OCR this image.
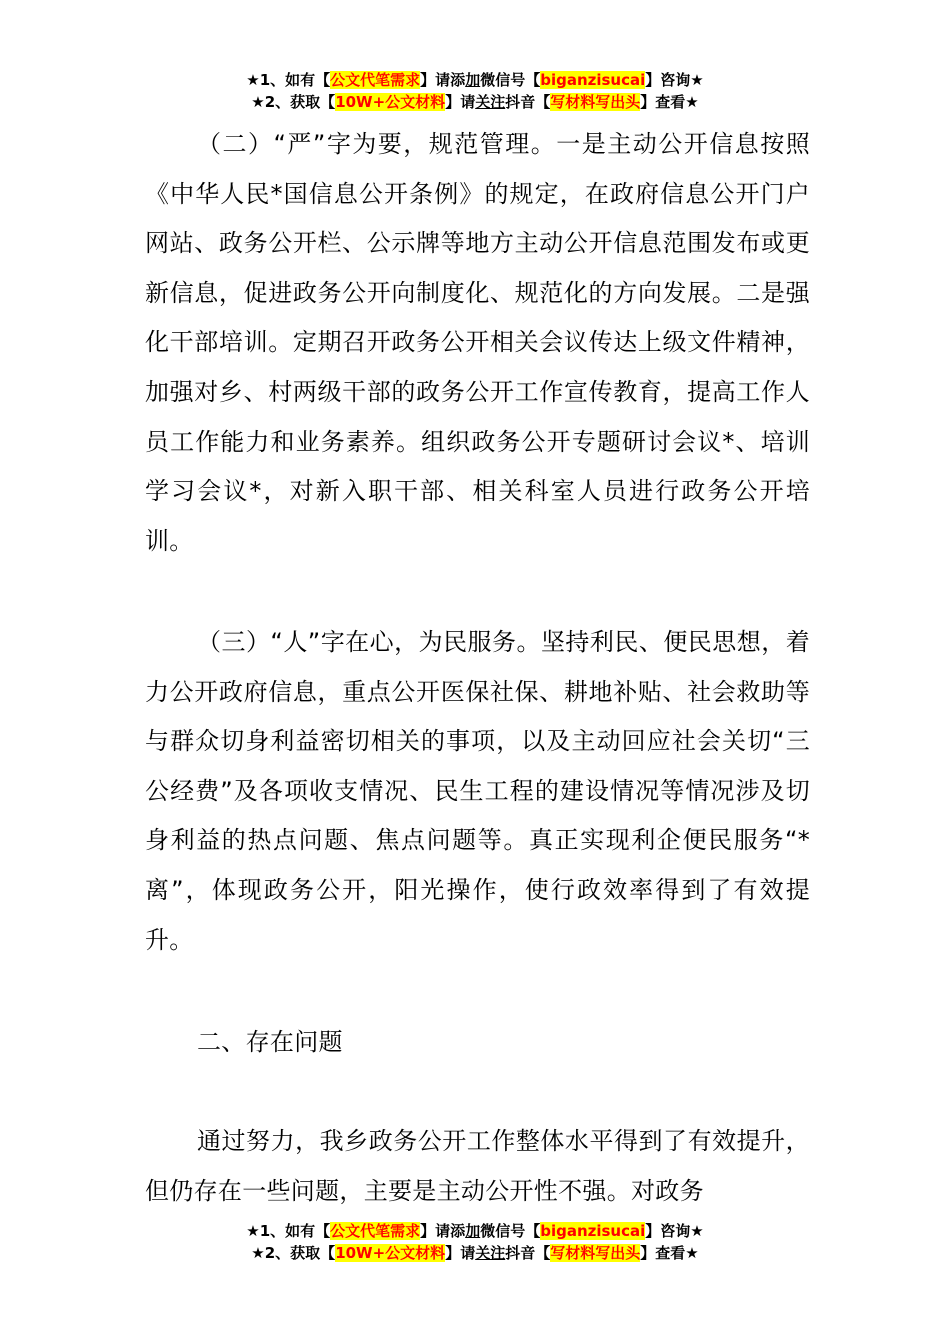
★1、如有【公文代笔需求】请添加微信号【biganzisucai】咨询★
★2、获取【10W+公文材料】请关注抖音【写材料写出头】查看★

（二）“严”字为要，规范管理。一是主动公开信息按照《中华人民*国信息公开条例》的规定，在政府信息公开门户网站、政务公开栏、公示牌等地方主动公开信息范围发布或更新信息，促进政务公开向制度化、规范化的方向发展。二是强化干部培训。定期召开政务公开相关会议传达上级文件精神，加强对乡、村两级干部的政务公开工作宣传教育，提高工作人员工作能力和业务素养。组织政务公开专题研讨会议*、培训学习会议*，对新入职干部、相关科室人员进行政务公开培训。

（三）“人”字在心，为民服务。坚持利民、便民思想，着力公开政府信息，重点公开医保社保、耕地补贴、社会救助等与群众切身利益密切相关的事项，以及主动回应社会关切“三公经费”及各项收支情况、民生工程的建设情况等情况涉及切身利益的热点问题、焦点问题等。真正实现利企便民服务“*离”，体现政务公开，阳光操作，使行政效率得到了有效提升。

二、存在问题

通过努力，我乡政务公开工作整体水平得到了有效提升，但仍存在一些问题，主要是主动公开性不强。对政务

★1、如有【公文代笔需求】请添加微信号【biganzisucai】咨询★
★2、获取【10W+公文材料】请关注抖音【写材料写出头】查看★
